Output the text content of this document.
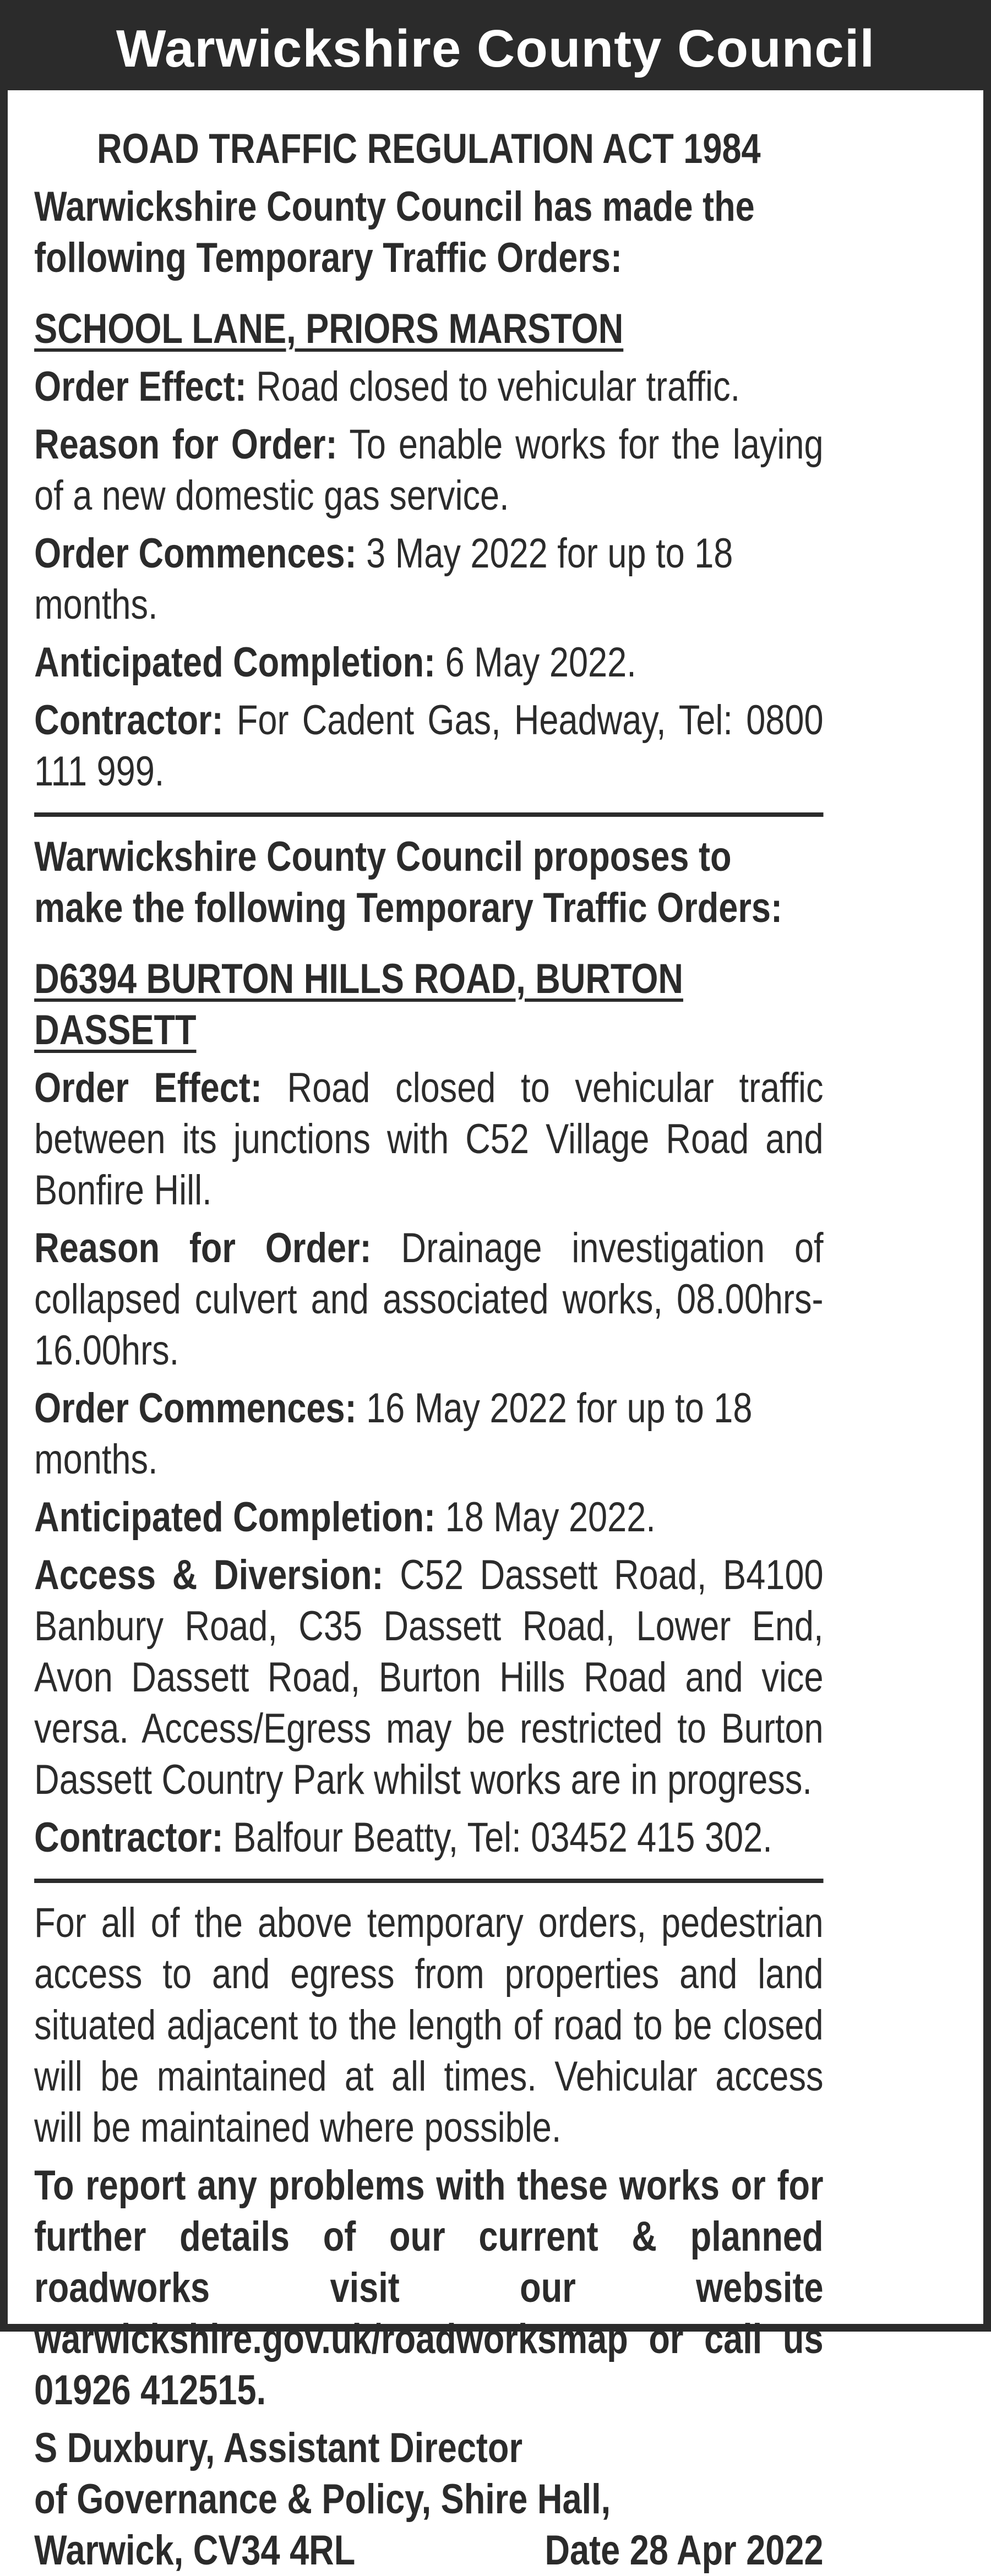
Warwickshire County Council

ROAD TRAFFIC REGULATION ACT 1984

Warwickshire County Council has made the following Temporary Traffic Orders:

SCHOOL LANE, PRIORS MARSTON

Order Effect: Road closed to vehicular traffic.

Reason for Order: To enable works for the laying of a new domestic gas service.

Order Commences: 3 May 2022 for up to 18 months.

Anticipated Completion: 6 May 2022.

Contractor: For Cadent Gas, Headway, Tel: 0800 111 999.

Warwickshire County Council proposes to make the following Temporary Traffic Orders:

D6394 BURTON HILLS ROAD, BURTON DASSETT

Order Effect: Road closed to vehicular traffic between its junctions with C52 Village Road and Bonfire Hill.

Reason for Order: Drainage investigation of collapsed culvert and associated works, 08.00hrs-16.00hrs.

Order Commences: 16 May 2022 for up to 18 months.

Anticipated Completion: 18 May 2022.

Access & Diversion: C52 Dassett Road, B4100 Banbury Road, C35 Dassett Road, Lower End, Avon Dassett Road, Burton Hills Road and vice versa. Access/Egress may be restricted to Burton Dassett Country Park whilst works are in progress.

Contractor: Balfour Beatty, Tel: 03452 415 302.

For all of the above temporary orders, pedestrian access to and egress from properties and land situated adjacent to the length of road to be closed will be maintained at all times. Vehicular access will be maintained where possible.

To report any problems with these works or for further details of our current & planned roadworks visit our website warwickshire.gov.uk/roadworksmap or call us 01926 412515.

S Duxbury, Assistant Director

of Governance & Policy, Shire Hall,

Warwick, CV34 4RL	Date 28 Apr 2022
